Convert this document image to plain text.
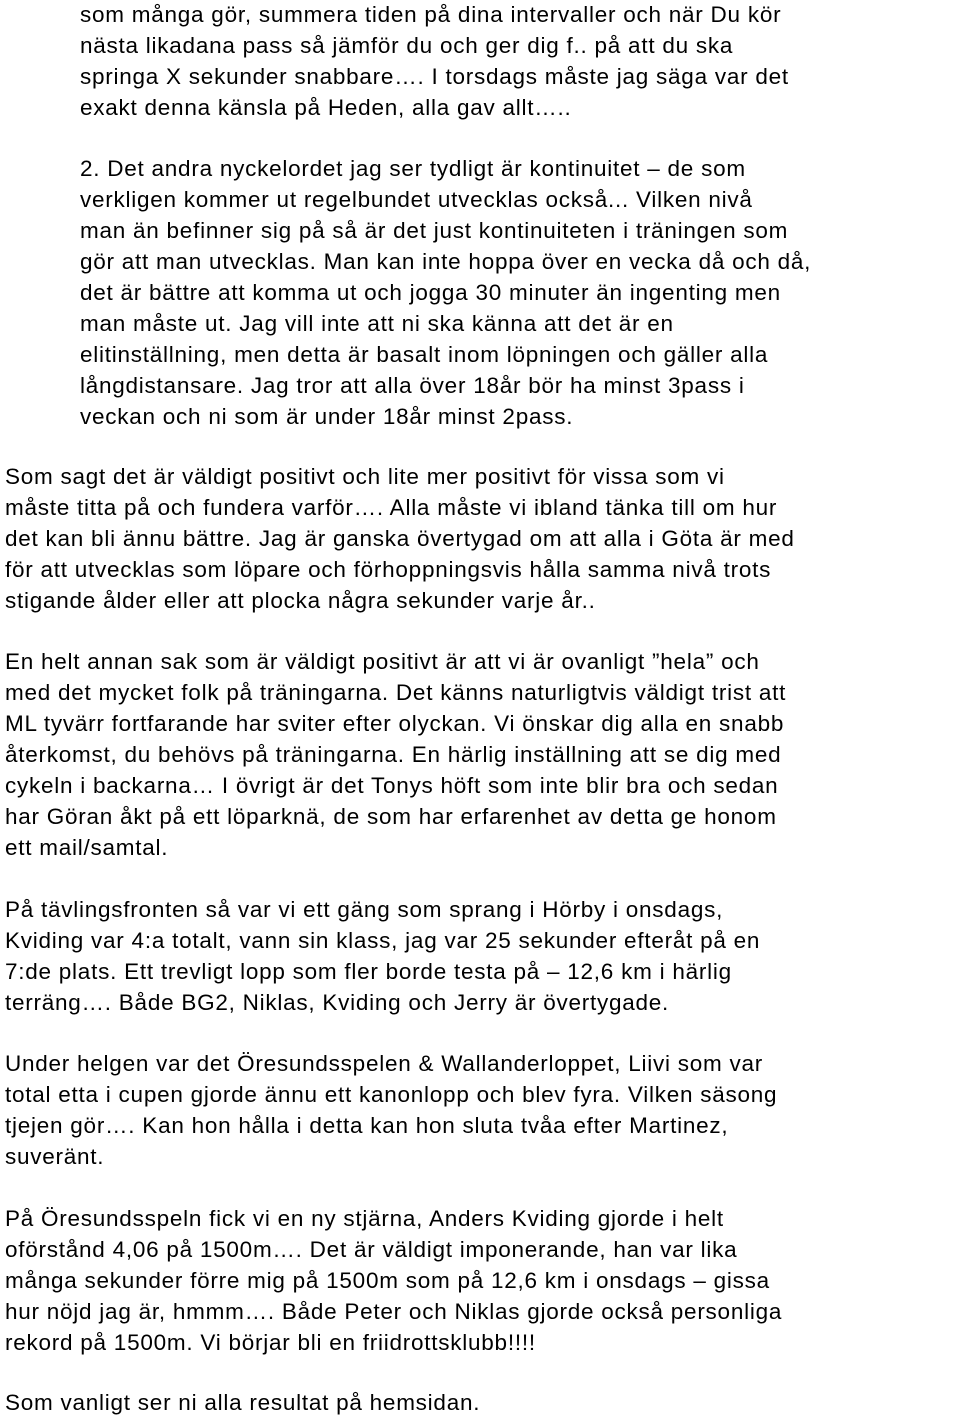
som många gör, summera tiden på dina intervaller och när Du kör
nästa likadana pass så jämför du och ger dig f.. på att du ska
springa X sekunder snabbare…. I torsdags måste jag säga var det
exakt denna känsla på Heden, alla gav allt…..
2. Det andra nyckelordet jag ser tydligt är kontinuitet – de som
verkligen kommer ut regelbundet utvecklas också... Vilken nivå
man än befinner sig på så är det just kontinuiteten i träningen som
gör att man utvecklas. Man kan inte hoppa över en vecka då och då,
det är bättre att komma ut och jogga 30 minuter än ingenting men
man måste ut. Jag vill inte att ni ska känna att det är en
elitinställning, men detta är basalt inom löpningen och gäller alla
långdistansare. Jag tror att alla över 18år bör ha minst 3pass i
veckan och ni som är under 18år minst 2pass.
Som sagt det är väldigt positivt och lite mer positivt för vissa som vi
måste titta på och fundera varför…. Alla måste vi ibland tänka till om hur
det kan bli ännu bättre. Jag är ganska övertygad om att alla i Göta är med
för att utvecklas som löpare och förhoppningsvis hålla samma nivå trots
stigande ålder eller att plocka några sekunder varje år..
En helt annan sak som är väldigt positivt är att vi är ovanligt ”hela” och
med det mycket folk på träningarna. Det känns naturligtvis väldigt trist att
ML tyvärr fortfarande har sviter efter olyckan. Vi önskar dig alla en snabb
återkomst, du behövs på träningarna. En härlig inställning att se dig med
cykeln i backarna… I övrigt är det Tonys höft som inte blir bra och sedan
har Göran åkt på ett löparknä, de som har erfarenhet av detta ge honom
ett mail/samtal.
På tävlingsfronten så var vi ett gäng som sprang i Hörby i onsdags,
Kviding var 4:a totalt, vann sin klass, jag var 25 sekunder efteråt på en
7:de plats. Ett trevligt lopp som fler borde testa på – 12,6 km i härlig
terräng…. Både BG2, Niklas, Kviding och Jerry är övertygade.
Under helgen var det Öresundsspelen & Wallanderloppet, Liivi som var
total etta i cupen gjorde ännu ett kanonlopp och blev fyra. Vilken säsong
tjejen gör…. Kan hon hålla i detta kan hon sluta tvåa efter Martinez,
suveränt.
På Öresundsspeln fick vi en ny stjärna, Anders Kviding gjorde i helt
oförstånd 4,06 på 1500m…. Det är väldigt imponerande, han var lika
många sekunder förre mig på 1500m som på 12,6 km i onsdags – gissa
hur nöjd jag är, hmmm…. Både Peter och Niklas gjorde också personliga
rekord på 1500m. Vi börjar bli en friidrottsklubb!!!!
Som vanligt ser ni alla resultat på hemsidan.
